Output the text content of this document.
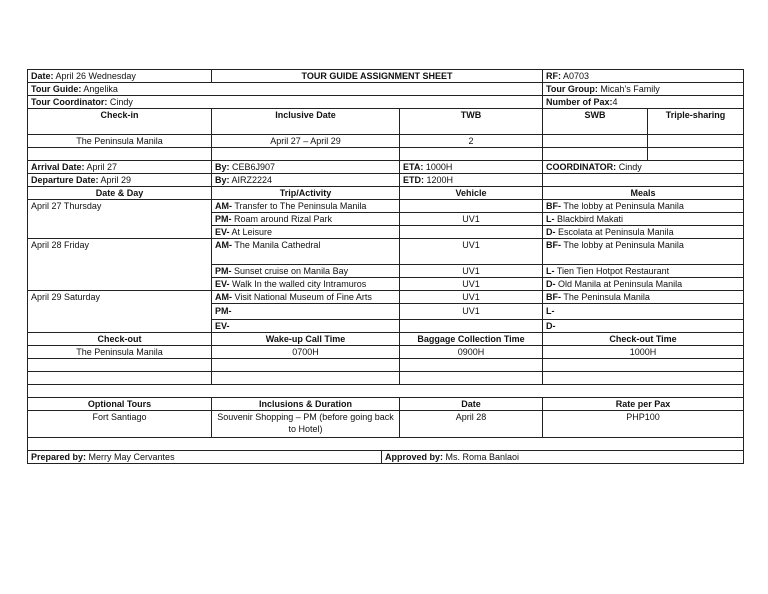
Date: April 26 Wednesday	TOUR GUIDE ASSIGNMENT SHEET		RF: A0703	
Tour Guide: Angelika			Tour Group: Micah’s Family	
Tour Coordinator: Cindy			Number of Pax:4	
Check-in	Inclusive Date	TWB	SWB	Triple-sharing
The Peninsula Manila	April 27 – April 29	2		

Arrival Date: April 27	By: CEB6J907	ETA: 1000H	COORDINATOR: Cindy	
Departure Date: April 29	By: AIRZ2224	ETD: 1200H		
Date & Day	Trip/Activity	Vehicle	Meals	
April 27 Thursday	AM- Transfer to The Peninsula Manila		BF- The lobby at Peninsula Manila	
	PM- Roam around Rizal Park	UV1	L- Blackbird Makati	
	EV- At Leisure		D- Escolata at Peninsula Manila	
April 28 Friday	AM- The Manila Cathedral	UV1	BF- The lobby at Peninsula Manila	
	PM- Sunset cruise on Manila Bay	UV1	L- Tien Tien Hotpot Restaurant	
	EV- Walk In the walled city Intramuros	UV1	D- Old Manila at Peninsula Manila	
April 29 Saturday	AM- Visit National Museum of Fine Arts	UV1	BF- The Peninsula Manila	
	PM-	UV1	L-	
	EV-		D-	
Check-out	Wake-up Call Time	Baggage Collection Time	Check-out Time	
The Peninsula Manila	0700H	0900H	1000H	

Optional Tours	Inclusions & Duration	Date	Rate per Pax	
Fort Santiago	Souvenir Shopping – PM (before going back to Hotel)	April 28	PHP100	

Prepared by: Merry May Cervantes	Approved by: Ms. Roma Banlaoi
